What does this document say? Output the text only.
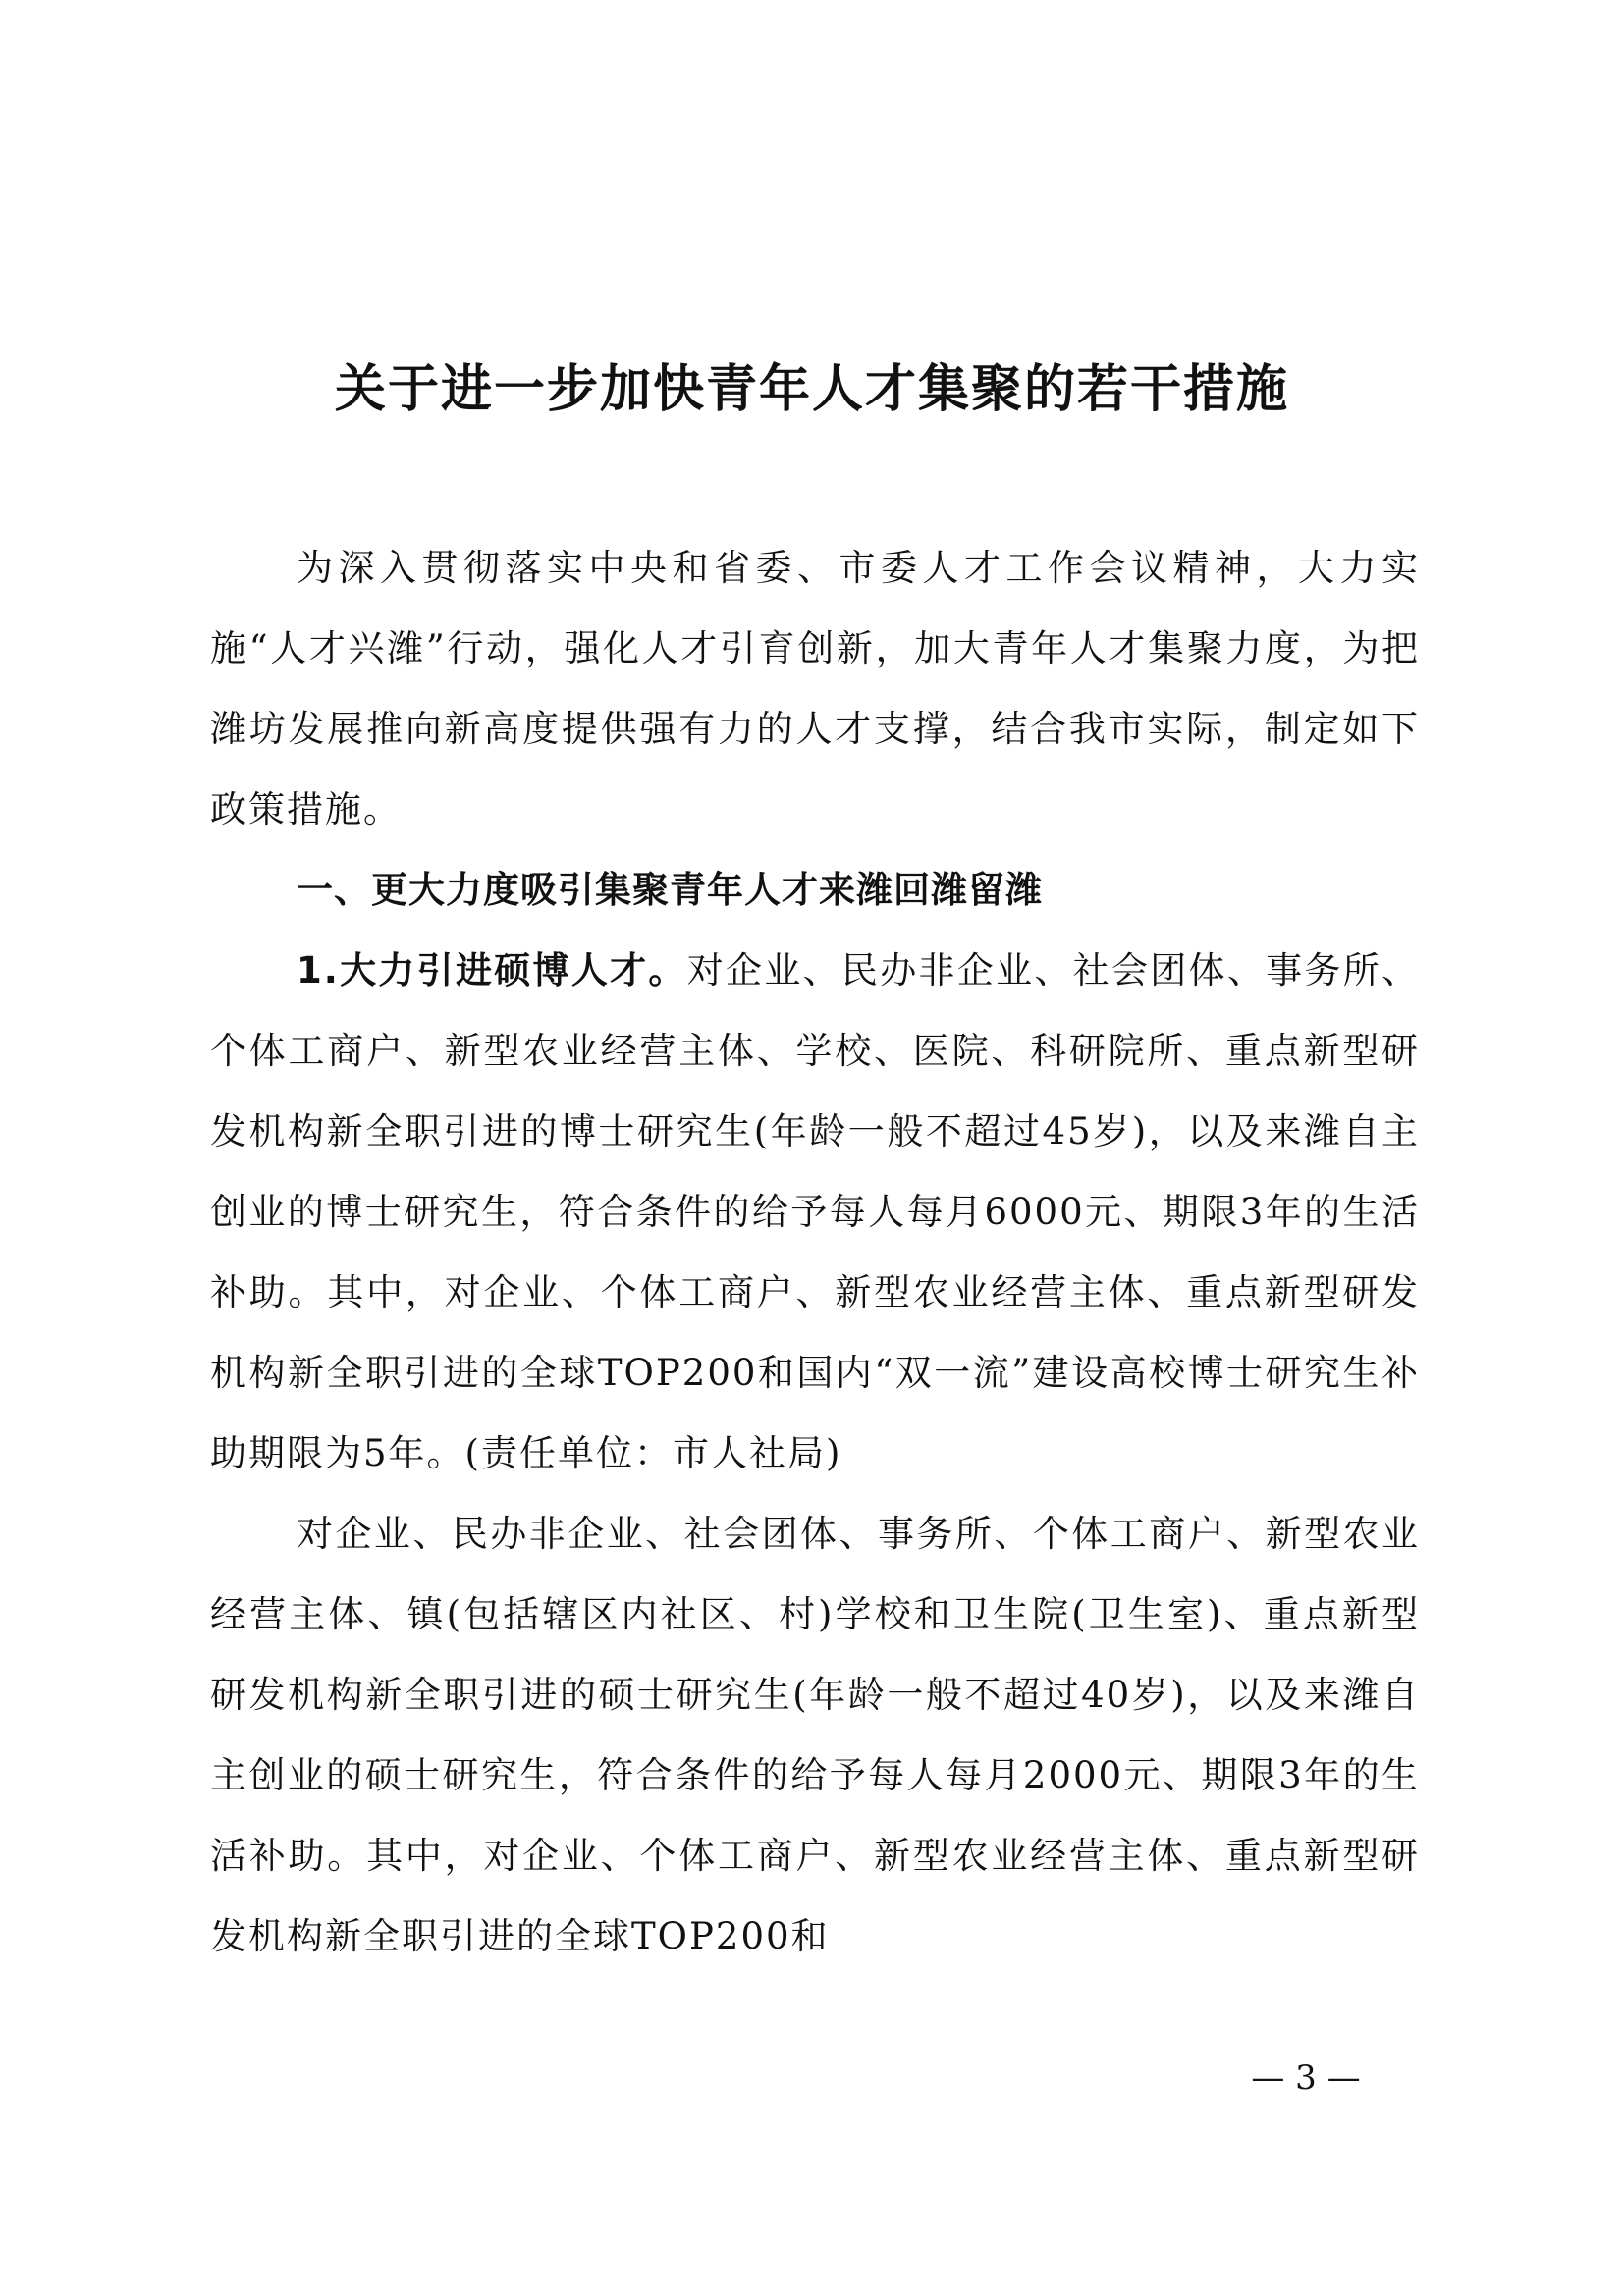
关于进一步加快青年人才集聚的若干措施

为深入贯彻落实中央和省委、市委人才工作会议精神，大力实施“人才兴潍”行动，强化人才引育创新，加大青年人才集聚力度，为把潍坊发展推向新高度提供强有力的人才支撑，结合我市实际，制定如下政策措施。

一、更大力度吸引集聚青年人才来潍回潍留潍

1.大力引进硕博人才。对企业、民办非企业、社会团体、事务所、个体工商户、新型农业经营主体、学校、医院、科研院所、重点新型研发机构新全职引进的博士研究生(年龄一般不超过45岁)，以及来潍自主创业的博士研究生，符合条件的给予每人每月6000元、期限3年的生活补助。其中，对企业、个体工商户、新型农业经营主体、重点新型研发机构新全职引进的全球TOP200和国内“双一流”建设高校博士研究生补助期限为5年。(责任单位：市人社局)

对企业、民办非企业、社会团体、事务所、个体工商户、新型农业经营主体、镇(包括辖区内社区、村)学校和卫生院(卫生室)、重点新型研发机构新全职引进的硕士研究生(年龄一般不超过40岁)，以及来潍自主创业的硕士研究生，符合条件的给予每人每月2000元、期限3年的生活补助。其中，对企业、个体工商户、新型农业经营主体、重点新型研发机构新全职引进的全球TOP200和

— 3 —
